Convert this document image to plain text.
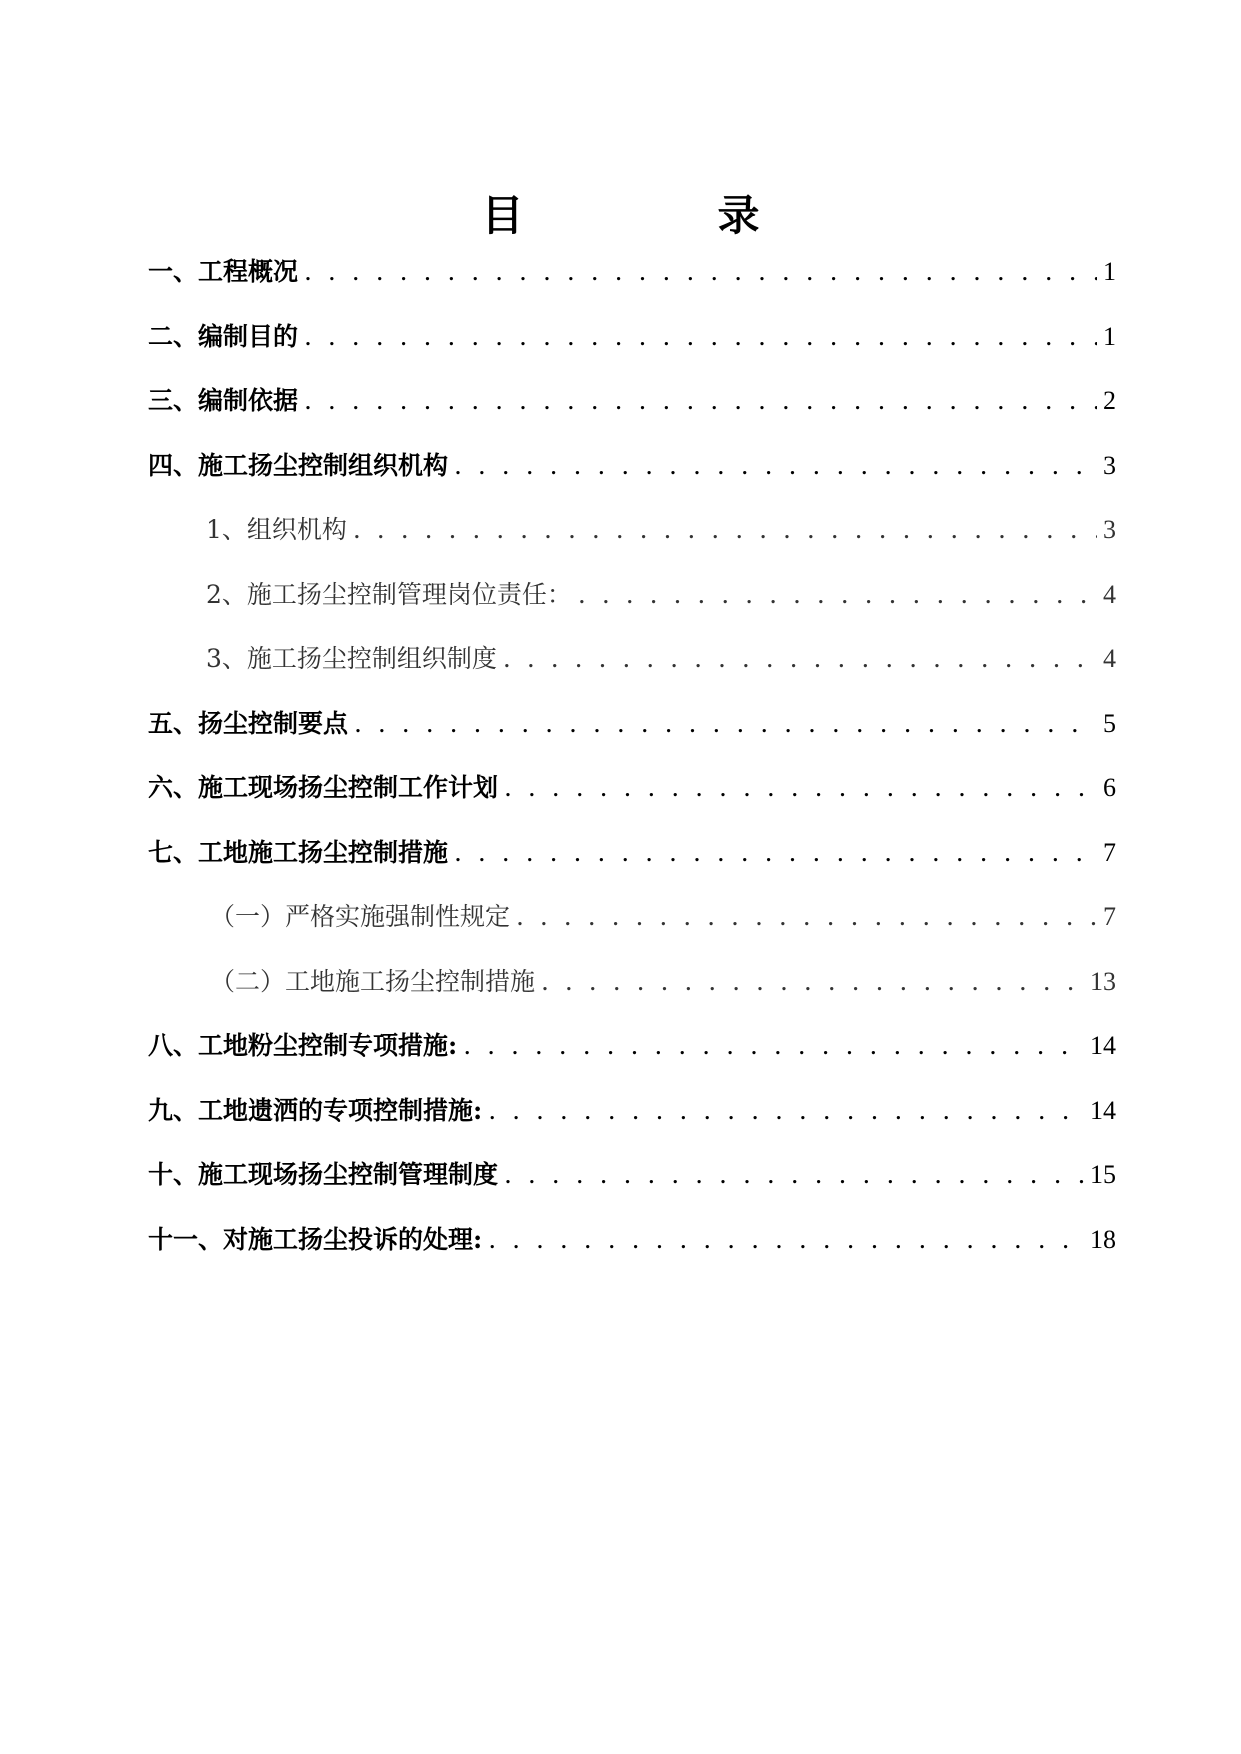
目　录
一、工程概况 . . .	1
二、编制目的 . . .	1
三、编制依据 . . .	2
四、施工扬尘控制组织机构 . . .	3
1、组织机构 . . .	3
2、施工扬尘控制管理岗位责任： . . .	4
3、施工扬尘控制组织制度 . . .	4
五、扬尘控制要点 . . .	5
六、施工现场扬尘控制工作计划 . . .	6
七、工地施工扬尘控制措施 . . .	7
（一）严格实施强制性规定 . . .	7
（二）工地施工扬尘控制措施 . . .	13
八、工地粉尘控制专项措施: . . .	14
九、工地遗洒的专项控制措施: . . .	14
十、施工现场扬尘控制管理制度 . . .	15
十一、对施工扬尘投诉的处理: . . .	18
